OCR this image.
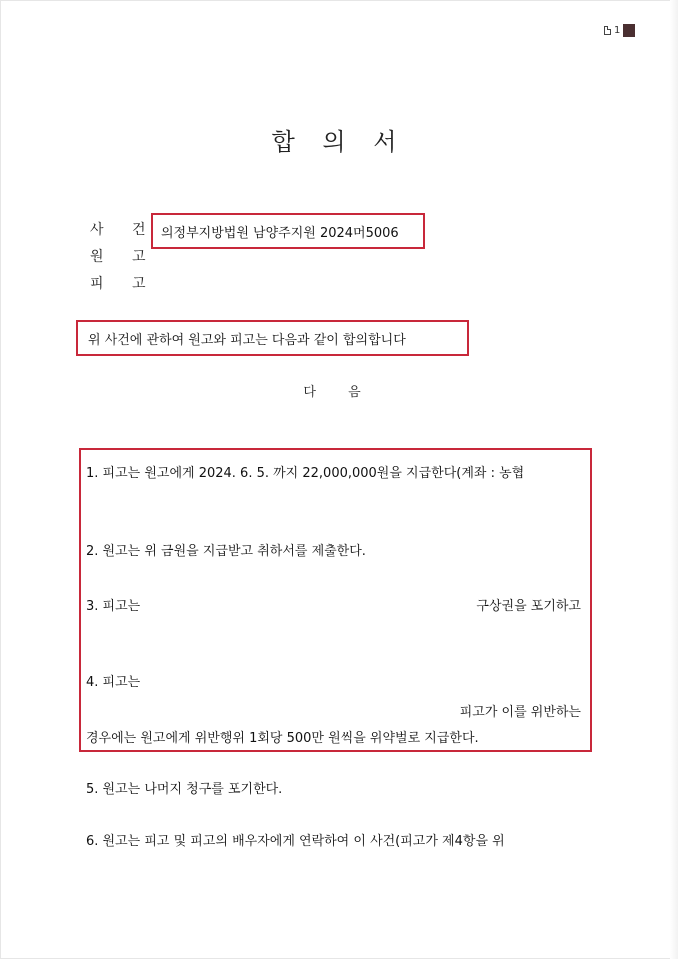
1
합 의 서
사 건
원 고
피 고
의정부지방법원 남양주지원 2024머5006
위 사건에 관하여 원고와 피고는 다음과 같이 합의합니다
다 음
1. 피고는 원고에게 2024. 6. 5. 까지 22,000,000원을 지급한다(계좌 : 농협
2. 원고는 위 금원을 지급받고 취하서를 제출한다.
3. 피고는	구상권을 포기하고
4. 피고는
피고가 이를 위반하는
경우에는 원고에게 위반행위 1회당 500만 원씩을 위약벌로 지급한다.
5. 원고는 나머지 청구를 포기한다.
6. 원고는 피고 및 피고의 배우자에게 연락하여 이 사건(피고가 제4항을 위
